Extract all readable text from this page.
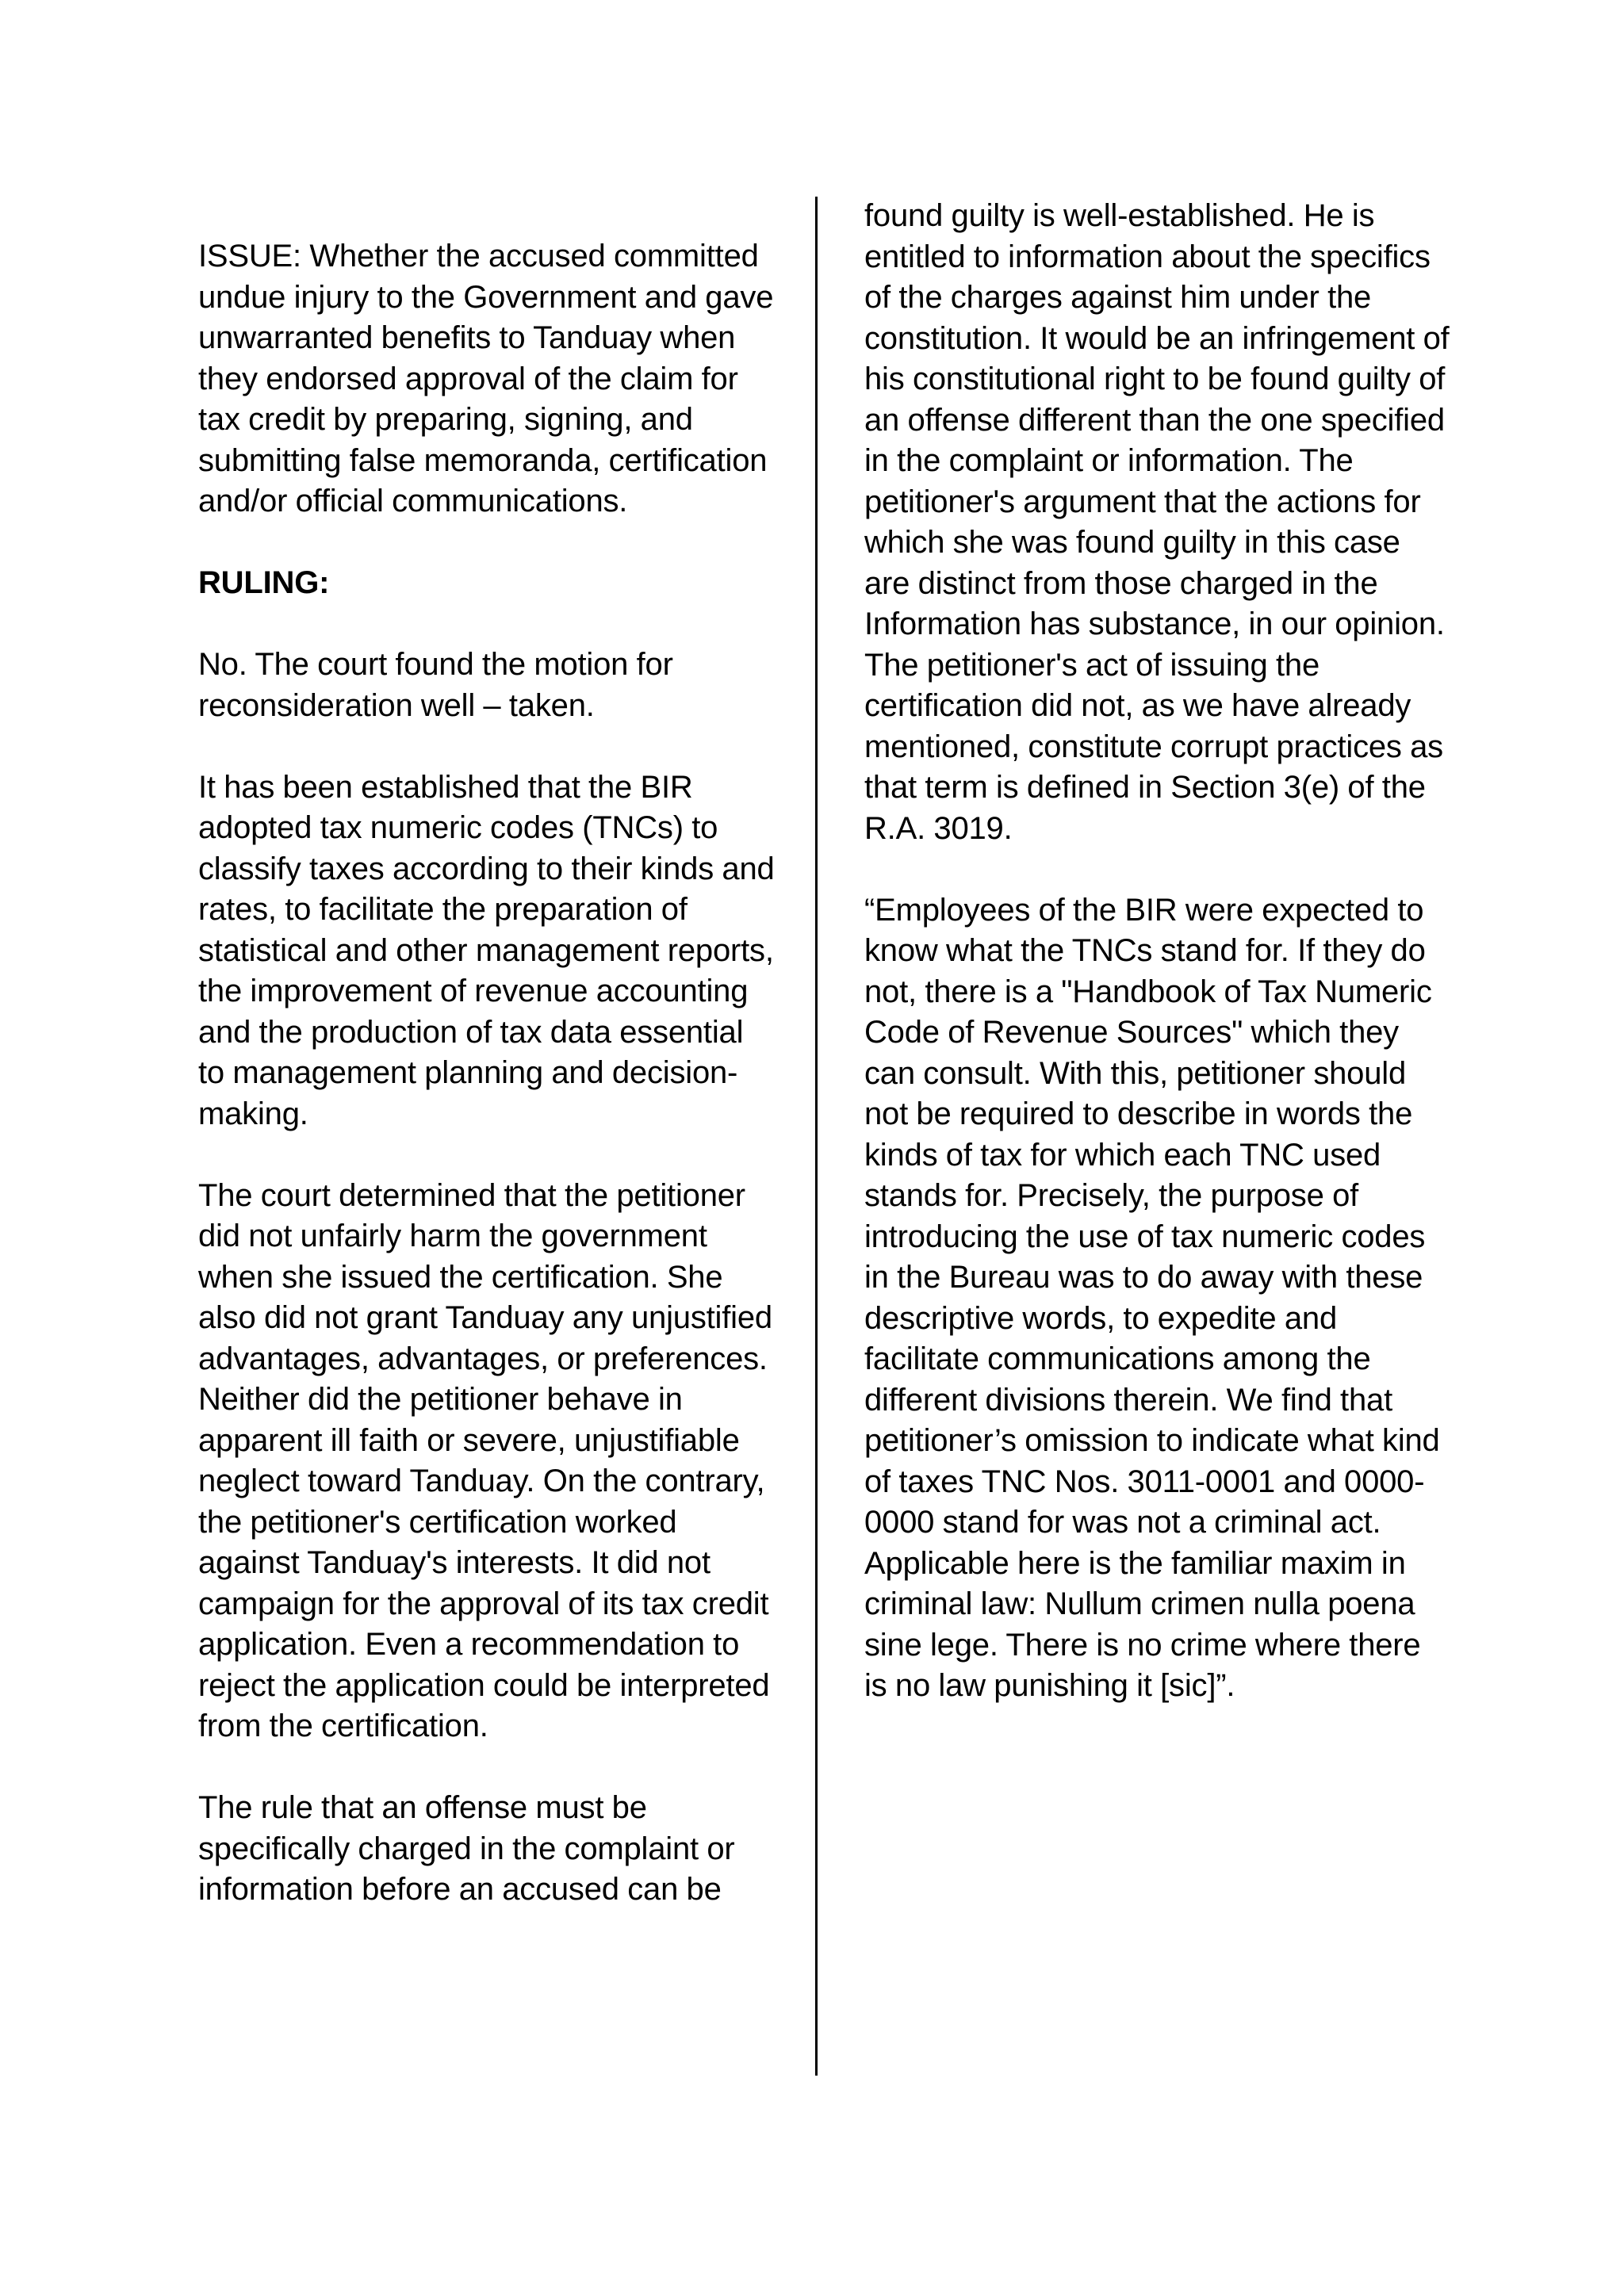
ISSUE: Whether the accused committed undue injury to the Government and gave unwarranted benefits to Tanduay when they endorsed approval of the claim for tax credit by preparing, signing, and submitting false memoranda, certification and/or official communications.

RULING:

No. The court found the motion for reconsideration well – taken.

It has been established that the BIR adopted tax numeric codes (TNCs) to classify taxes according to their kinds and rates, to facilitate the preparation of statistical and other management reports, the improvement of revenue accounting and the production of tax data essential to management planning and decision-making.

The court determined that the petitioner did not unfairly harm the government when she issued the certification. She also did not grant Tanduay any unjustified advantages, advantages, or preferences. Neither did the petitioner behave in apparent ill faith or severe, unjustifiable neglect toward Tanduay. On the contrary, the petitioner's certification worked against Tanduay's interests. It did not campaign for the approval of its tax credit application. Even a recommendation to reject the application could be interpreted from the certification.

The rule that an offense must be specifically charged in the complaint or information before an accused can be

found guilty is well-established. He is entitled to information about the specifics of the charges against him under the constitution. It would be an infringement of his constitutional right to be found guilty of an offense different than the one specified in the complaint or information. The petitioner's argument that the actions for which she was found guilty in this case are distinct from those charged in the Information has substance, in our opinion. The petitioner's act of issuing the certification did not, as we have already mentioned, constitute corrupt practices as that term is defined in Section 3(e) of the R.A. 3019.

“Employees of the BIR were expected to know what the TNCs stand for. If they do not, there is a "Handbook of Tax Numeric Code of Revenue Sources" which they can consult. With this, petitioner should not be required to describe in words the kinds of tax for which each TNC used stands for. Precisely, the purpose of introducing the use of tax numeric codes in the Bureau was to do away with these descriptive words, to expedite and facilitate communications among the different divisions therein. We find that petitioner’s omission to indicate what kind of taxes TNC Nos. 3011-0001 and 0000-0000 stand for was not a criminal act. Applicable here is the familiar maxim in criminal law: Nullum crimen nulla poena sine lege. There is no crime where there is no law punishing it [sic]”.
